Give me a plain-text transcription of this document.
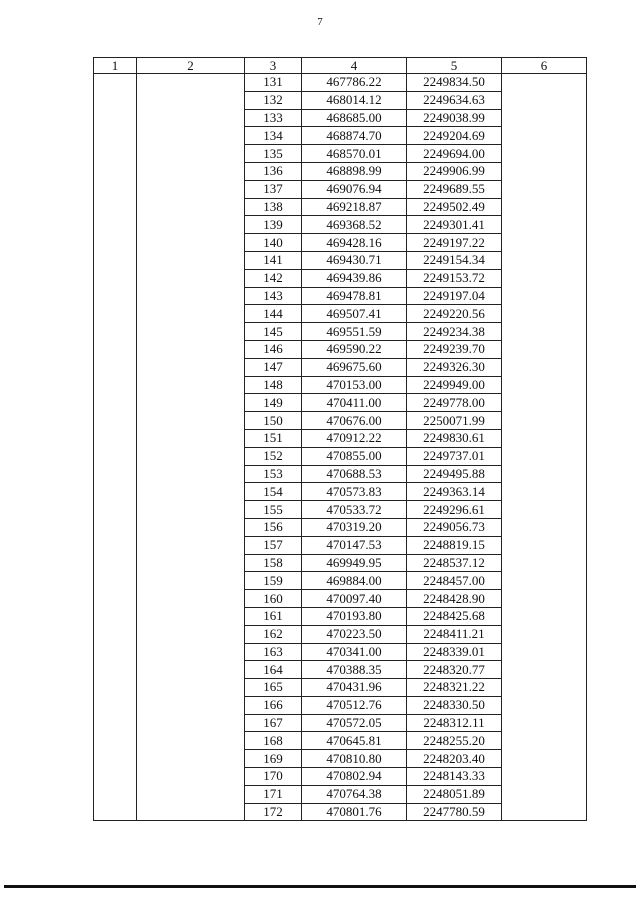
7
1	2	3	4	5	6
		131	467786.22	2249834.50	
		132	468014.12	2249634.63	
		133	468685.00	2249038.99	
		134	468874.70	2249204.69	
		135	468570.01	2249694.00	
		136	468898.99	2249906.99	
		137	469076.94	2249689.55	
		138	469218.87	2249502.49	
		139	469368.52	2249301.41	
		140	469428.16	2249197.22	
		141	469430.71	2249154.34	
		142	469439.86	2249153.72	
		143	469478.81	2249197.04	
		144	469507.41	2249220.56	
		145	469551.59	2249234.38	
		146	469590.22	2249239.70	
		147	469675.60	2249326.30	
		148	470153.00	2249949.00	
		149	470411.00	2249778.00	
		150	470676.00	2250071.99	
		151	470912.22	2249830.61	
		152	470855.00	2249737.01	
		153	470688.53	2249495.88	
		154	470573.83	2249363.14	
		155	470533.72	2249296.61	
		156	470319.20	2249056.73	
		157	470147.53	2248819.15	
		158	469949.95	2248537.12	
		159	469884.00	2248457.00	
		160	470097.40	2248428.90	
		161	470193.80	2248425.68	
		162	470223.50	2248411.21	
		163	470341.00	2248339.01	
		164	470388.35	2248320.77	
		165	470431.96	2248321.22	
		166	470512.76	2248330.50	
		167	470572.05	2248312.11	
		168	470645.81	2248255.20	
		169	470810.80	2248203.40	
		170	470802.94	2248143.33	
		171	470764.38	2248051.89	
		172	470801.76	2247780.59	
